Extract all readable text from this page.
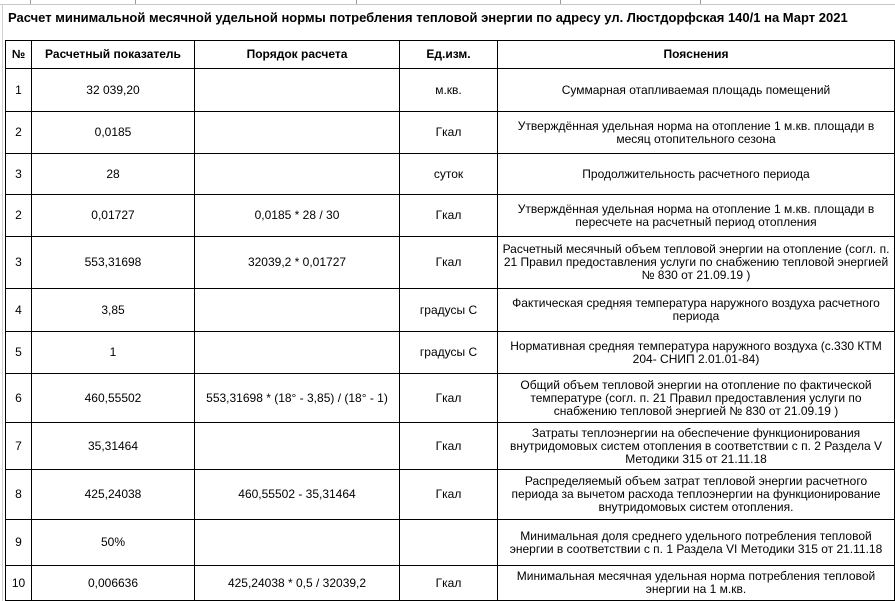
Расчет минимальной месячной удельной нормы потребления тепловой энергии по адресу ул. Люстдорфская 140/1 на Март 2021
№	Расчетный показатель	Порядок расчета	Ед.изм.	Пояснения
1	32 039,20		м.кв.	Суммарная отапливаемая площадь помещений
2	0,0185		Гкал	Утверждённая удельная норма на отопление 1 м.кв. площади в месяц отопительного сезона
3	28		суток	Продолжительность расчетного периода
2	0,01727	0,0185 * 28 / 30	Гкал	Утверждённая удельная норма на отопление 1 м.кв. площади в пересчете на расчетный период отопления
3	553,31698	32039,2 * 0,01727	Гкал	Расчетный месячный объем тепловой энергии на отопление (согл. п. 21 Правил предоставления услуги по снабжению тепловой энергией № 830 от 21.09.19 )
4	3,85		градусы С	Фактическая средняя температура наружного воздуха расчетного периода
5	1		градусы С	Нормативная средняя температура наружного воздуха (с.330 КТМ 204- СНИП 2.01.01-84)
6	460,55502	553,31698 * (18° - 3,85) / (18° - 1)	Гкал	Общий объем тепловой энергии на отопление по фактической температуре (согл. п. 21 Правил предоставления услуги по снабжению тепловой энергией № 830 от 21.09.19 )
7	35,31464		Гкал	Затраты теплоэнергии на обеспечение функционирования внутридомовых систем отопления в соответствии с п. 2 Раздела V Методики 315 от 21.11.18
8	425,24038	460,55502 - 35,31464	Гкал	Распределяемый объем затрат тепловой энергии расчетного периода за вычетом расхода теплоэнергии на функционирование внутридомовых систем отопления.
9	50%			Минимальная доля среднего удельного потребления тепловой энергии в соответствии с п. 1 Раздела VI Методики 315 от 21.11.18
10	0,006636	425,24038 * 0,5 / 32039,2	Гкал	Минимальная месячная удельная норма потребления тепловой энергии на 1 м.кв.
